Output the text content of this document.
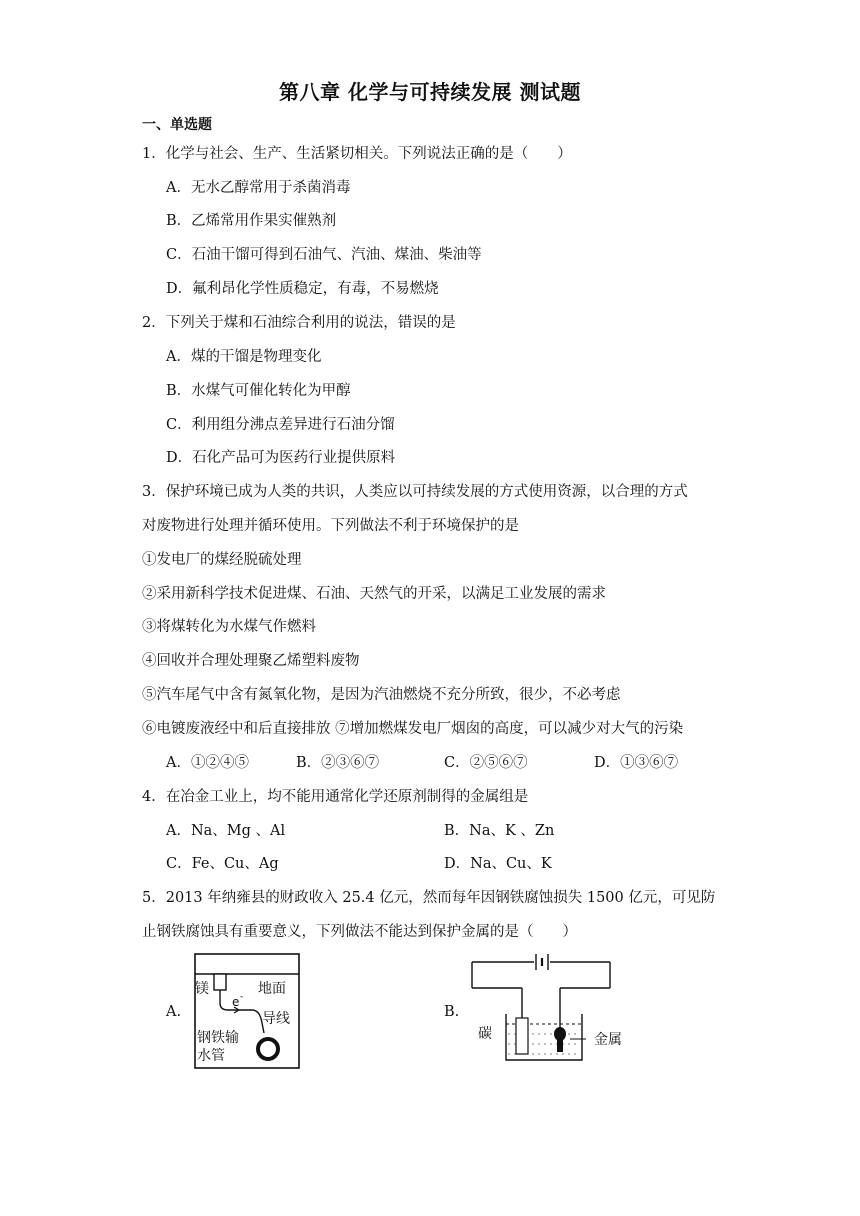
第八章 化学与可持续发展 测试题
一、单选题
1．化学与社会、生产、生活紧切相关。下列说法正确的是（　　）
A．无水乙醇常用于杀菌消毒
B．乙烯常用作果实催熟剂
C．石油干馏可得到石油气、汽油、煤油、柴油等
D．氟利昂化学性质稳定，有毒，不易燃烧
2．下列关于煤和石油综合利用的说法，错误的是
A．煤的干馏是物理变化
B．水煤气可催化转化为甲醇
C．利用组分沸点差异进行石油分馏
D．石化产品可为医药行业提供原料
3．保护环境已成为人类的共识，人类应以可持续发展的方式使用资源，以合理的方式
对废物进行处理并循环使用。下列做法不利于环境保护的是
①发电厂的煤经脱硫处理
②采用新科学技术促进煤、石油、天然气的开采，以满足工业发展的需求
③将煤转化为水煤气作燃料
④回收并合理处理聚乙烯塑料废物
⑤汽车尾气中含有氮氧化物，是因为汽油燃烧不充分所致，很少，不必考虑
⑥电镀废液经中和后直接排放 ⑦增加燃煤发电厂烟囱的高度，可以减少对大气的污染
A．①②④⑤	B．②③⑥⑦	C．②⑤⑥⑦	D．①③⑥⑦
4．在冶金工业上，均不能用通常化学还原剂制得的金属组是
A．Na、Mg 、Al	B．Na、K 、Zn
C．Fe、Cu、Ag	D．Na、Cu、K
5．2013 年纳雍县的财政收入 25.4 亿元，然而每年因钢铁腐蚀损失 1500 亿元，可见防
止钢铁腐蚀具有重要意义，下列做法不能达到保护金属的是（　　）
A.	B.
镁	地面
e -
导线
钢铁输
水管
碳	金属
